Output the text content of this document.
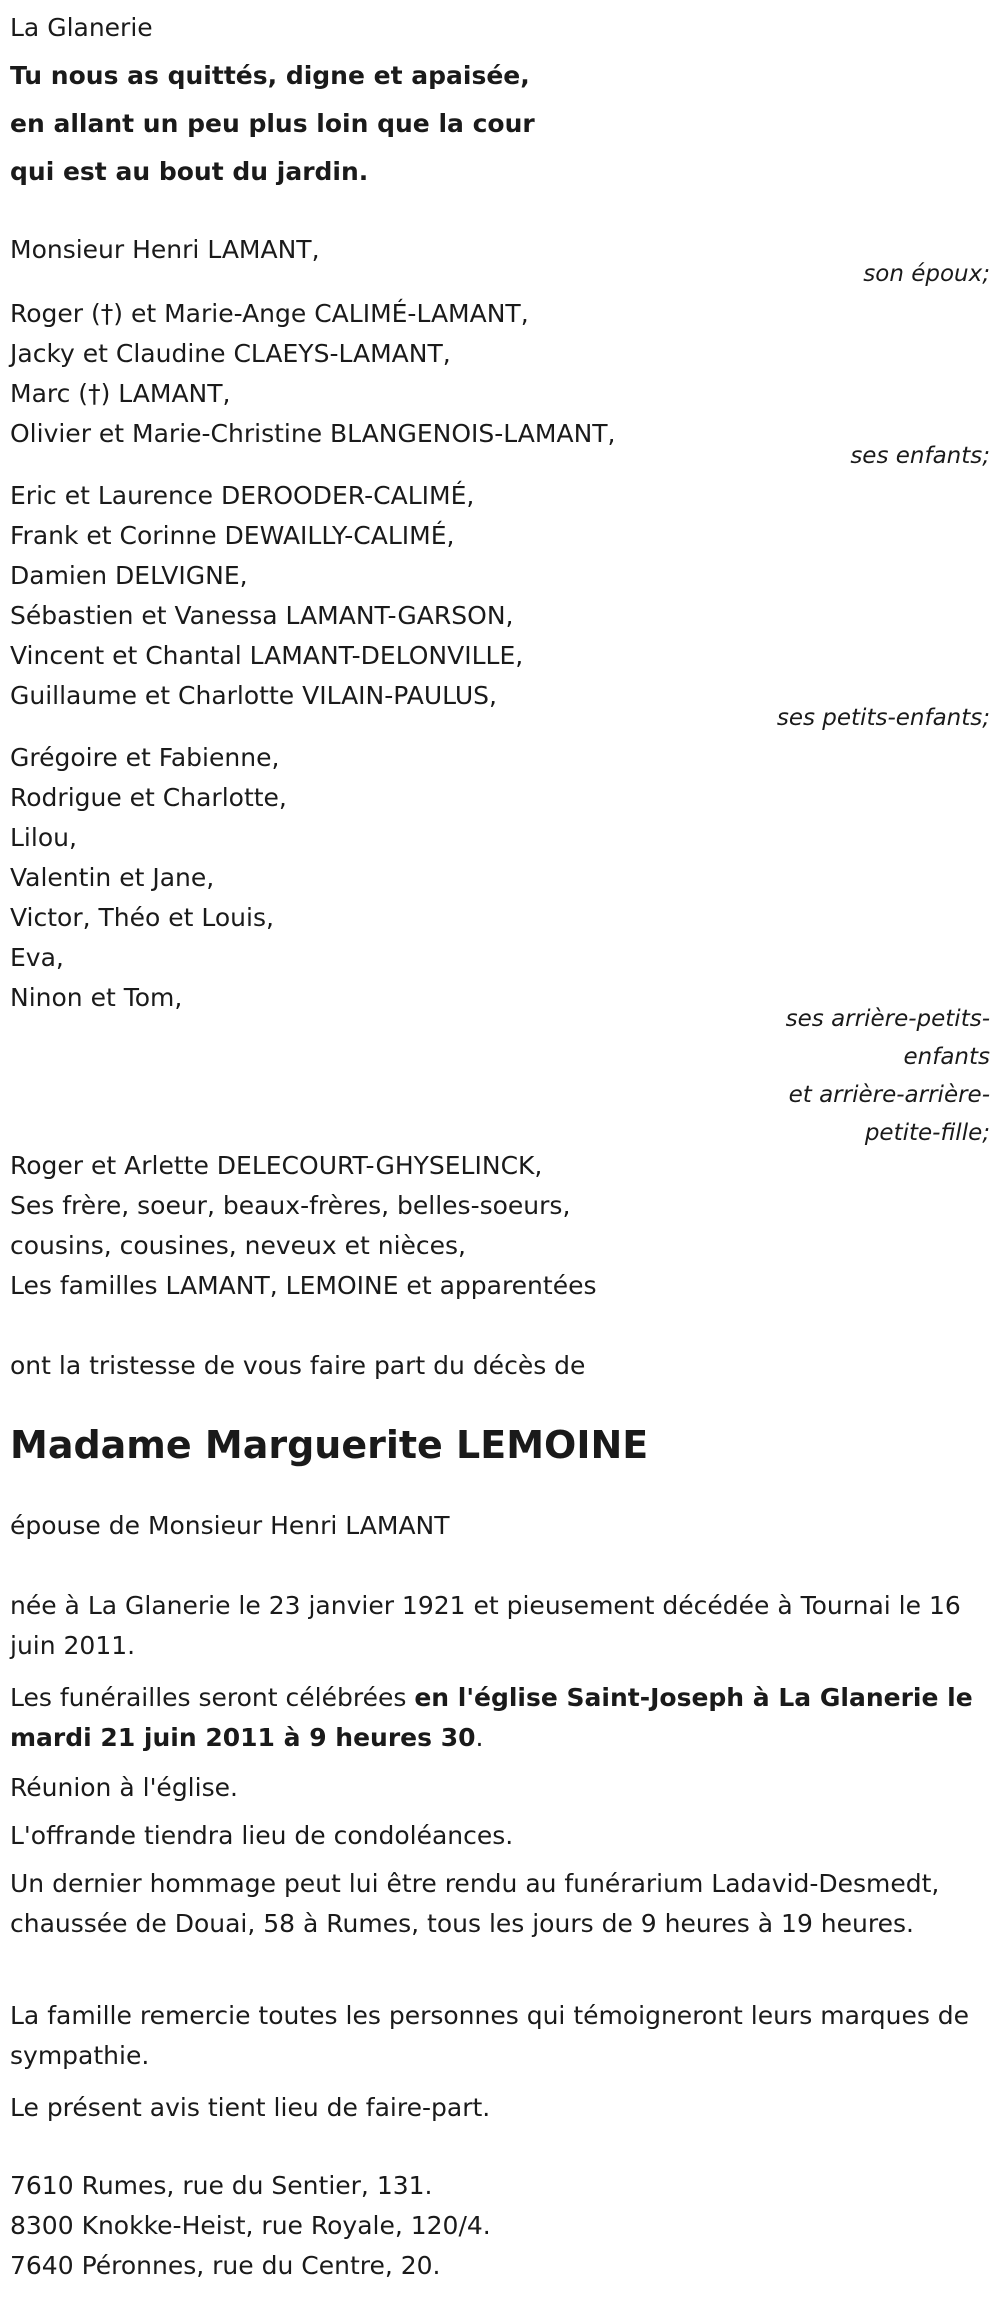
La Glanerie
Tu nous as quittés, digne et apaisée,
en allant un peu plus loin que la cour
qui est au bout du jardin.
Monsieur Henri LAMANT,
son époux;
Roger (†) et Marie-Ange CALIMÉ-LAMANT,
Jacky et Claudine CLAEYS-LAMANT,
Marc (†) LAMANT,
Olivier et Marie-Christine BLANGENOIS-LAMANT,
ses enfants;
Eric et Laurence DEROODER-CALIMÉ,
Frank et Corinne DEWAILLY-CALIMÉ,
Damien DELVIGNE,
Sébastien et Vanessa LAMANT-GARSON,
Vincent et Chantal LAMANT-DELONVILLE,
Guillaume et Charlotte VILAIN-PAULUS,
ses petits-enfants;
Grégoire et Fabienne,
Rodrigue et Charlotte,
Lilou,
Valentin et Jane,
Victor, Théo et Louis,
Eva,
Ninon et Tom,
ses arrière-petits-
enfants
et arrière-arrière-
petite-fille;
Roger et Arlette DELECOURT-GHYSELINCK,
Ses frère, soeur, beaux-frères, belles-soeurs,
cousins, cousines, neveux et nièces,
Les familles LAMANT, LEMOINE et apparentées
ont la tristesse de vous faire part du décès de
Madame Marguerite LEMOINE
épouse de Monsieur Henri LAMANT
née à La Glanerie le 23 janvier 1921 et pieusement décédée à Tournai le 16 juin 2011.
Les funérailles seront célébrées en l'église Saint-Joseph à La Glanerie le mardi 21 juin 2011 à 9 heures 30.
Réunion à l'église.
L'offrande tiendra lieu de condoléances.
Un dernier hommage peut lui être rendu au funérarium Ladavid-Desmedt, chaussée de Douai, 58 à Rumes, tous les jours de 9 heures à 19 heures.
La famille remercie toutes les personnes qui témoigneront leurs marques de sympathie.
Le présent avis tient lieu de faire-part.
7610 Rumes, rue du Sentier, 131.
8300 Knokke-Heist, rue Royale, 120/4.
7640 Péronnes, rue du Centre, 20.
